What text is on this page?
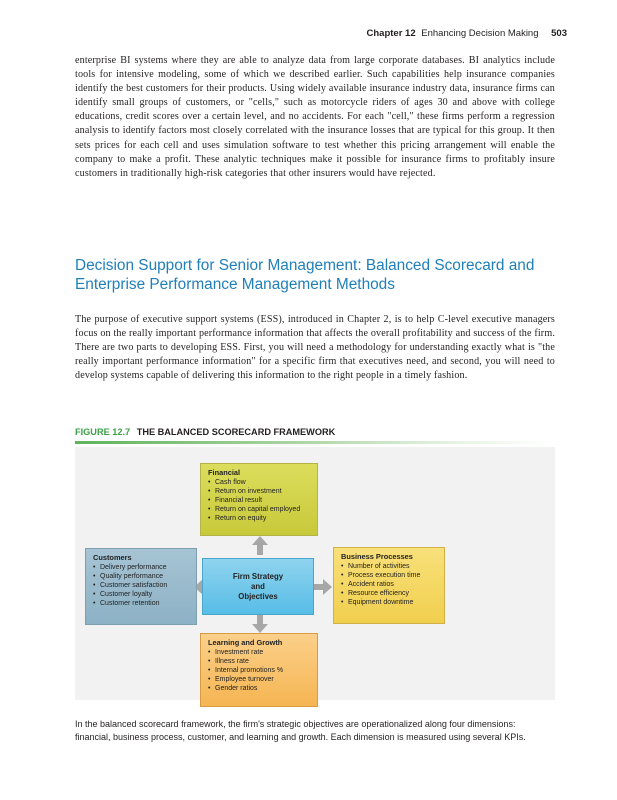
Chapter 12 Enhancing Decision Making 503

enterprise BI systems where they are able to analyze data from large corporate databases. BI analytics include tools for intensive modeling, some of which we described earlier. Such capabilities help insurance companies identify the best customers for their products. Using widely available insurance industry data, insurance firms can identify small groups of customers, or "cells," such as motorcycle riders of ages 30 and above with college educations, credit scores over a certain level, and no accidents. For each "cell," these firms perform a regression analysis to identify factors most closely correlated with the insurance losses that are typical for this group. It then sets prices for each cell and uses simulation software to test whether this pricing arrangement will enable the company to make a profit. These analytic techniques make it possible for insurance firms to profitably insure customers in traditionally high-risk categories that other insurers would have rejected.

Decision Support for Senior Management: Balanced Scorecard and Enterprise Performance Management Methods

The purpose of executive support systems (ESS), introduced in Chapter 2, is to help C-level executive managers focus on the really important performance information that affects the overall profitability and success of the firm. There are two parts to developing ESS. First, you will need a methodology for understanding exactly what is "the really important performance information" for a specific firm that executives need, and second, you will need to develop systems capable of delivering this information to the right people in a timely fashion.

FIGURE 12.7 THE BALANCED SCORECARD FRAMEWORK
Financial
• Cash flow
• Return on investment
• Financial result
• Return on capital employed
• Return on equity
Customers
• Delivery performance
• Quality performance
• Customer satisfaction
• Customer loyalty
• Customer retention
Firm Strategy
and
Objectives
Business Processes
• Number of activities
• Process execution time
• Accident ratios
• Resource efficiency
• Equipment downtime
Learning and Growth
• Investment rate
• Illness rate
• Internal promotions %
• Employee turnover
• Gender ratios

In the balanced scorecard framework, the firm's strategic objectives are operationalized along four dimensions: financial, business process, customer, and learning and growth. Each dimension is measured using several KPIs.
